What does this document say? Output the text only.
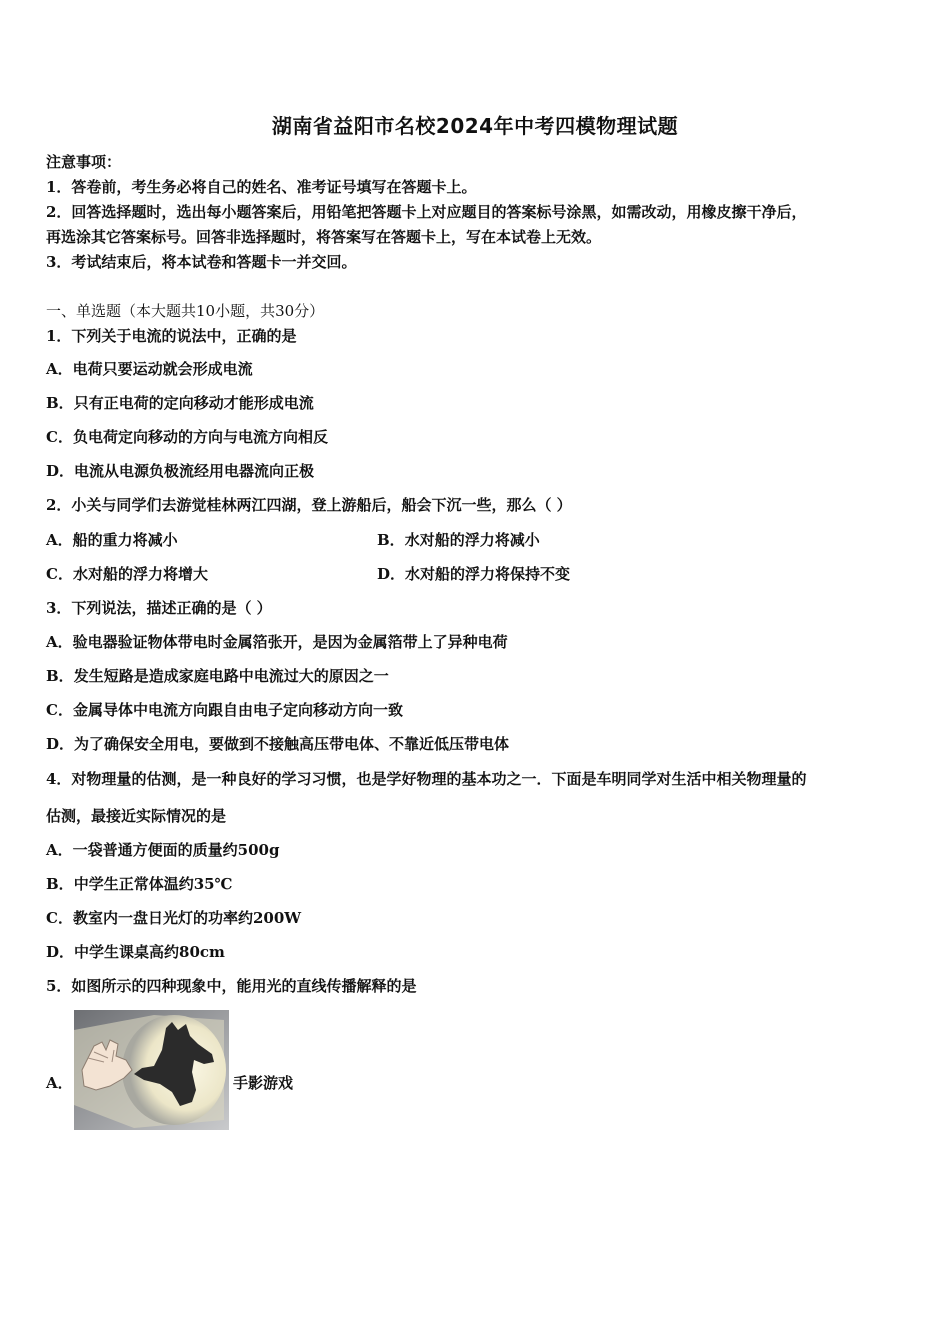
湖南省益阳市名校2024年中考四模物理试题
注意事项：
1．答卷前，考生务必将自己的姓名、准考证号填写在答题卡上。
2．回答选择题时，选出每小题答案后，用铅笔把答题卡上对应题目的答案标号涂黑，如需改动，用橡皮擦干净后，
再选涂其它答案标号。回答非选择题时，将答案写在答题卡上，写在本试卷上无效。
3．考试结束后，将本试卷和答题卡一并交回。
一、单选题（本大题共10小题，共30分）
1．下列关于电流的说法中，正确的是
A．电荷只要运动就会形成电流
B．只有正电荷的定向移动才能形成电流
C．负电荷定向移动的方向与电流方向相反
D．电流从电源负极流经用电器流向正极
2．小关与同学们去游觉桂林两江四湖，登上游船后，船会下沉一些，那么（ ）
A．船的重力将减小	B．水对船的浮力将减小
C．水对船的浮力将增大	D．水对船的浮力将保持不变
3．下列说法，描述正确的是（ ）
A．验电器验证物体带电时金属箔张开，是因为金属箔带上了异种电荷
B．发生短路是造成家庭电路中电流过大的原因之一
C．金属导体中电流方向跟自由电子定向移动方向一致
D．为了确保安全用电，要做到不接触高压带电体、不靠近低压带电体
4．对物理量的估测，是一种良好的学习习惯，也是学好物理的基本功之一．下面是车明同学对生活中相关物理量的
估测，最接近实际情况的是
A．一袋普通方便面的质量约500g
B．中学生正常体温约35℃
C．教室内一盘日光灯的功率约200W
D．中学生课桌高约80cm
5．如图所示的四种现象中，能用光的直线传播解释的是
A．	手影游戏
